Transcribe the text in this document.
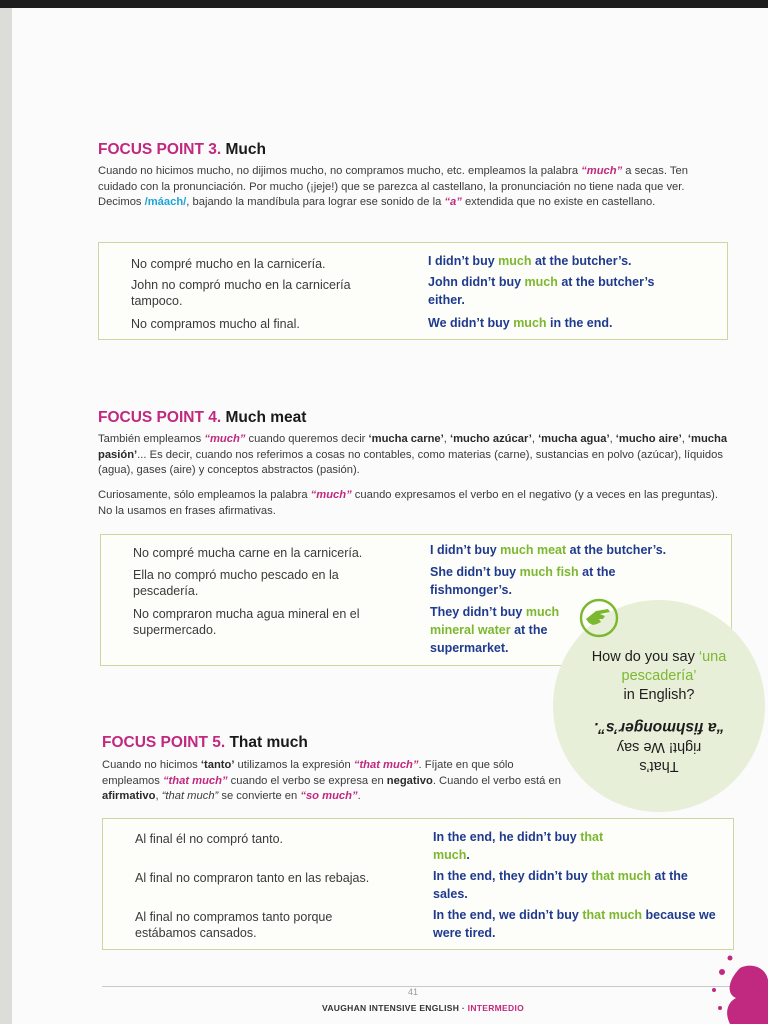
FOCUS POINT 3. Much
Cuando no hicimos mucho, no dijimos mucho, no compramos mucho, etc. empleamos la palabra “much” a secas. Ten cuidado con la pronunciación. Por mucho (¡jeje!) que se parezca al castellano, la pronunciación no tiene nada que ver. Decimos /máach/, bajando la mandíbula para lograr ese sonido de la “a” extendida que no existe en castellano.
No compré mucho en la carnicería.
John no compró mucho en la carnicería tampoco.
No compramos mucho al final.
I didn’t buy much at the butcher’s.
John didn’t buy much at the butcher’s either.
We didn’t buy much in the end.
FOCUS POINT 4. Much meat
También empleamos “much” cuando queremos decir ‘mucha carne’, ‘mucho azúcar’, ‘mucha agua’, ‘mucho aire’, ‘mucha pasión’... Es decir, cuando nos referimos a cosas no contables, como materias (carne), sustancias en polvo (azúcar), líquidos (agua), gases (aire) y conceptos abstractos (pasión).
Curiosamente, sólo empleamos la palabra “much” cuando expresamos el verbo en el negativo (y a veces en las preguntas). No la usamos en frases afirmativas.
No compré mucha carne en la carnicería.
Ella no compró mucho pescado en la pescadería.
No compraron mucha agua mineral en el supermercado.
I didn’t buy much meat at the butcher’s.
She didn’t buy much fish at the fishmonger’s.
They didn’t buy much mineral water at the supermarket.
How do you say ‘una pescadería’
in English?
That’s
right! We say
“a fishmonger’s”.
FOCUS POINT 5. That much
Cuando no hicimos ‘tanto’ utilizamos la expresión “that much”. Fíjate en que sólo empleamos “that much” cuando el verbo se expresa en negativo. Cuando el verbo está en afirmativo, “that much” se convierte en “so much”.
Al final él no compró tanto.
Al final no compraron tanto en las rebajas.
Al final no compramos tanto porque estábamos cansados.
In the end, he didn’t buy that much.
In the end, they didn’t buy that much at the sales.
In the end, we didn’t buy that much because we were tired.
41
VAUGHAN INTENSIVE ENGLISH · INTERMEDIO
